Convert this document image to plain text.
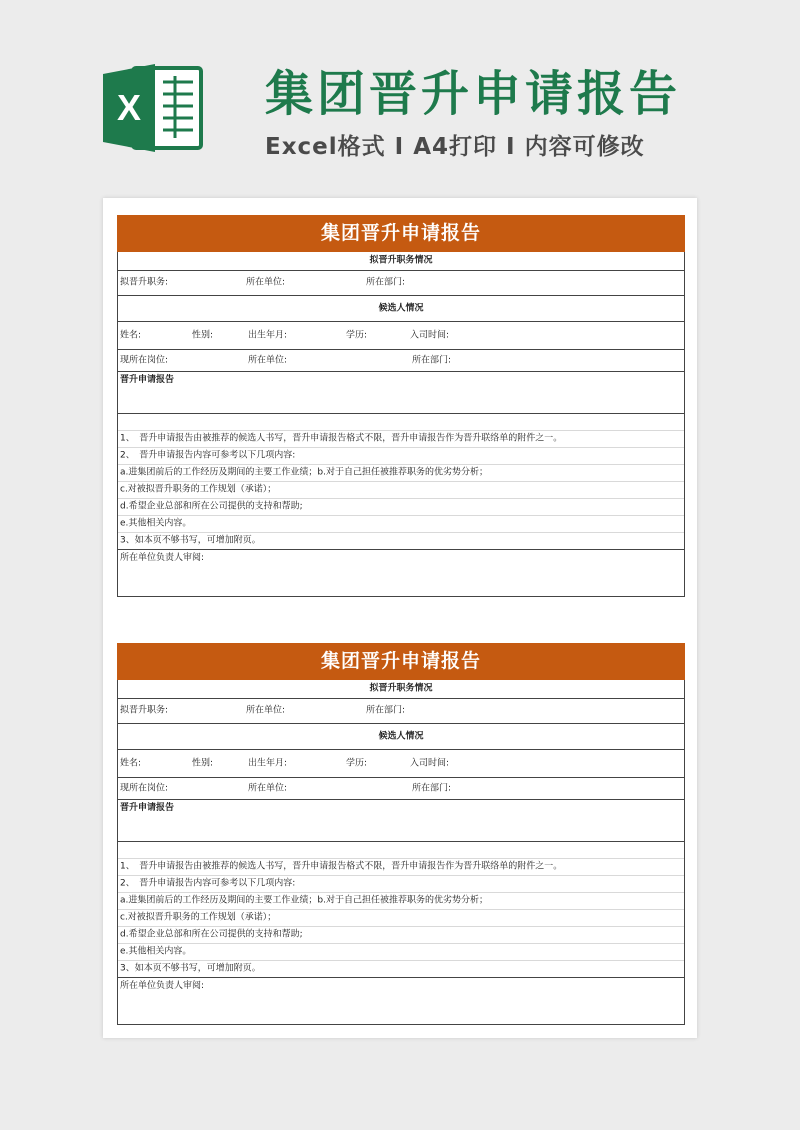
X	集团晋升申请报告
Excel格式 I A4打印 I 内容可修改
集团晋升申请报告
拟晋升职务情况
拟晋升职务:	所在单位:	所在部门:
候选人情况
姓名:	性别:	出生年月:	学历:	入司时间:
现所在岗位:	所在单位:	所在部门:
晋升申请报告
1、　晋升申请报告由被推荐的候选人书写，晋升申请报告格式不限，晋升申请报告作为晋升联络单的附件之一。
2、　晋升申请报告内容可参考以下几项内容:
a.进集团前后的工作经历及期间的主要工作业绩；b.对于自己担任被推荐职务的优劣势分析；
c.对被拟晋升职务的工作规划（承诺）；
d.希望企业总部和所在公司提供的支持和帮助;
e.其他相关内容。
3、如本页不够书写，可增加附页。
所在单位负责人审阅:
集团晋升申请报告
拟晋升职务情况
拟晋升职务:	所在单位:	所在部门:
候选人情况
姓名:	性别:	出生年月:	学历:	入司时间:
现所在岗位:	所在单位:	所在部门:
晋升申请报告
1、　晋升申请报告由被推荐的候选人书写，晋升申请报告格式不限，晋升申请报告作为晋升联络单的附件之一。
2、　晋升申请报告内容可参考以下几项内容:
a.进集团前后的工作经历及期间的主要工作业绩；b.对于自己担任被推荐职务的优劣势分析；
c.对被拟晋升职务的工作规划（承诺）；
d.希望企业总部和所在公司提供的支持和帮助;
e.其他相关内容。
3、如本页不够书写，可增加附页。
所在单位负责人审阅:
